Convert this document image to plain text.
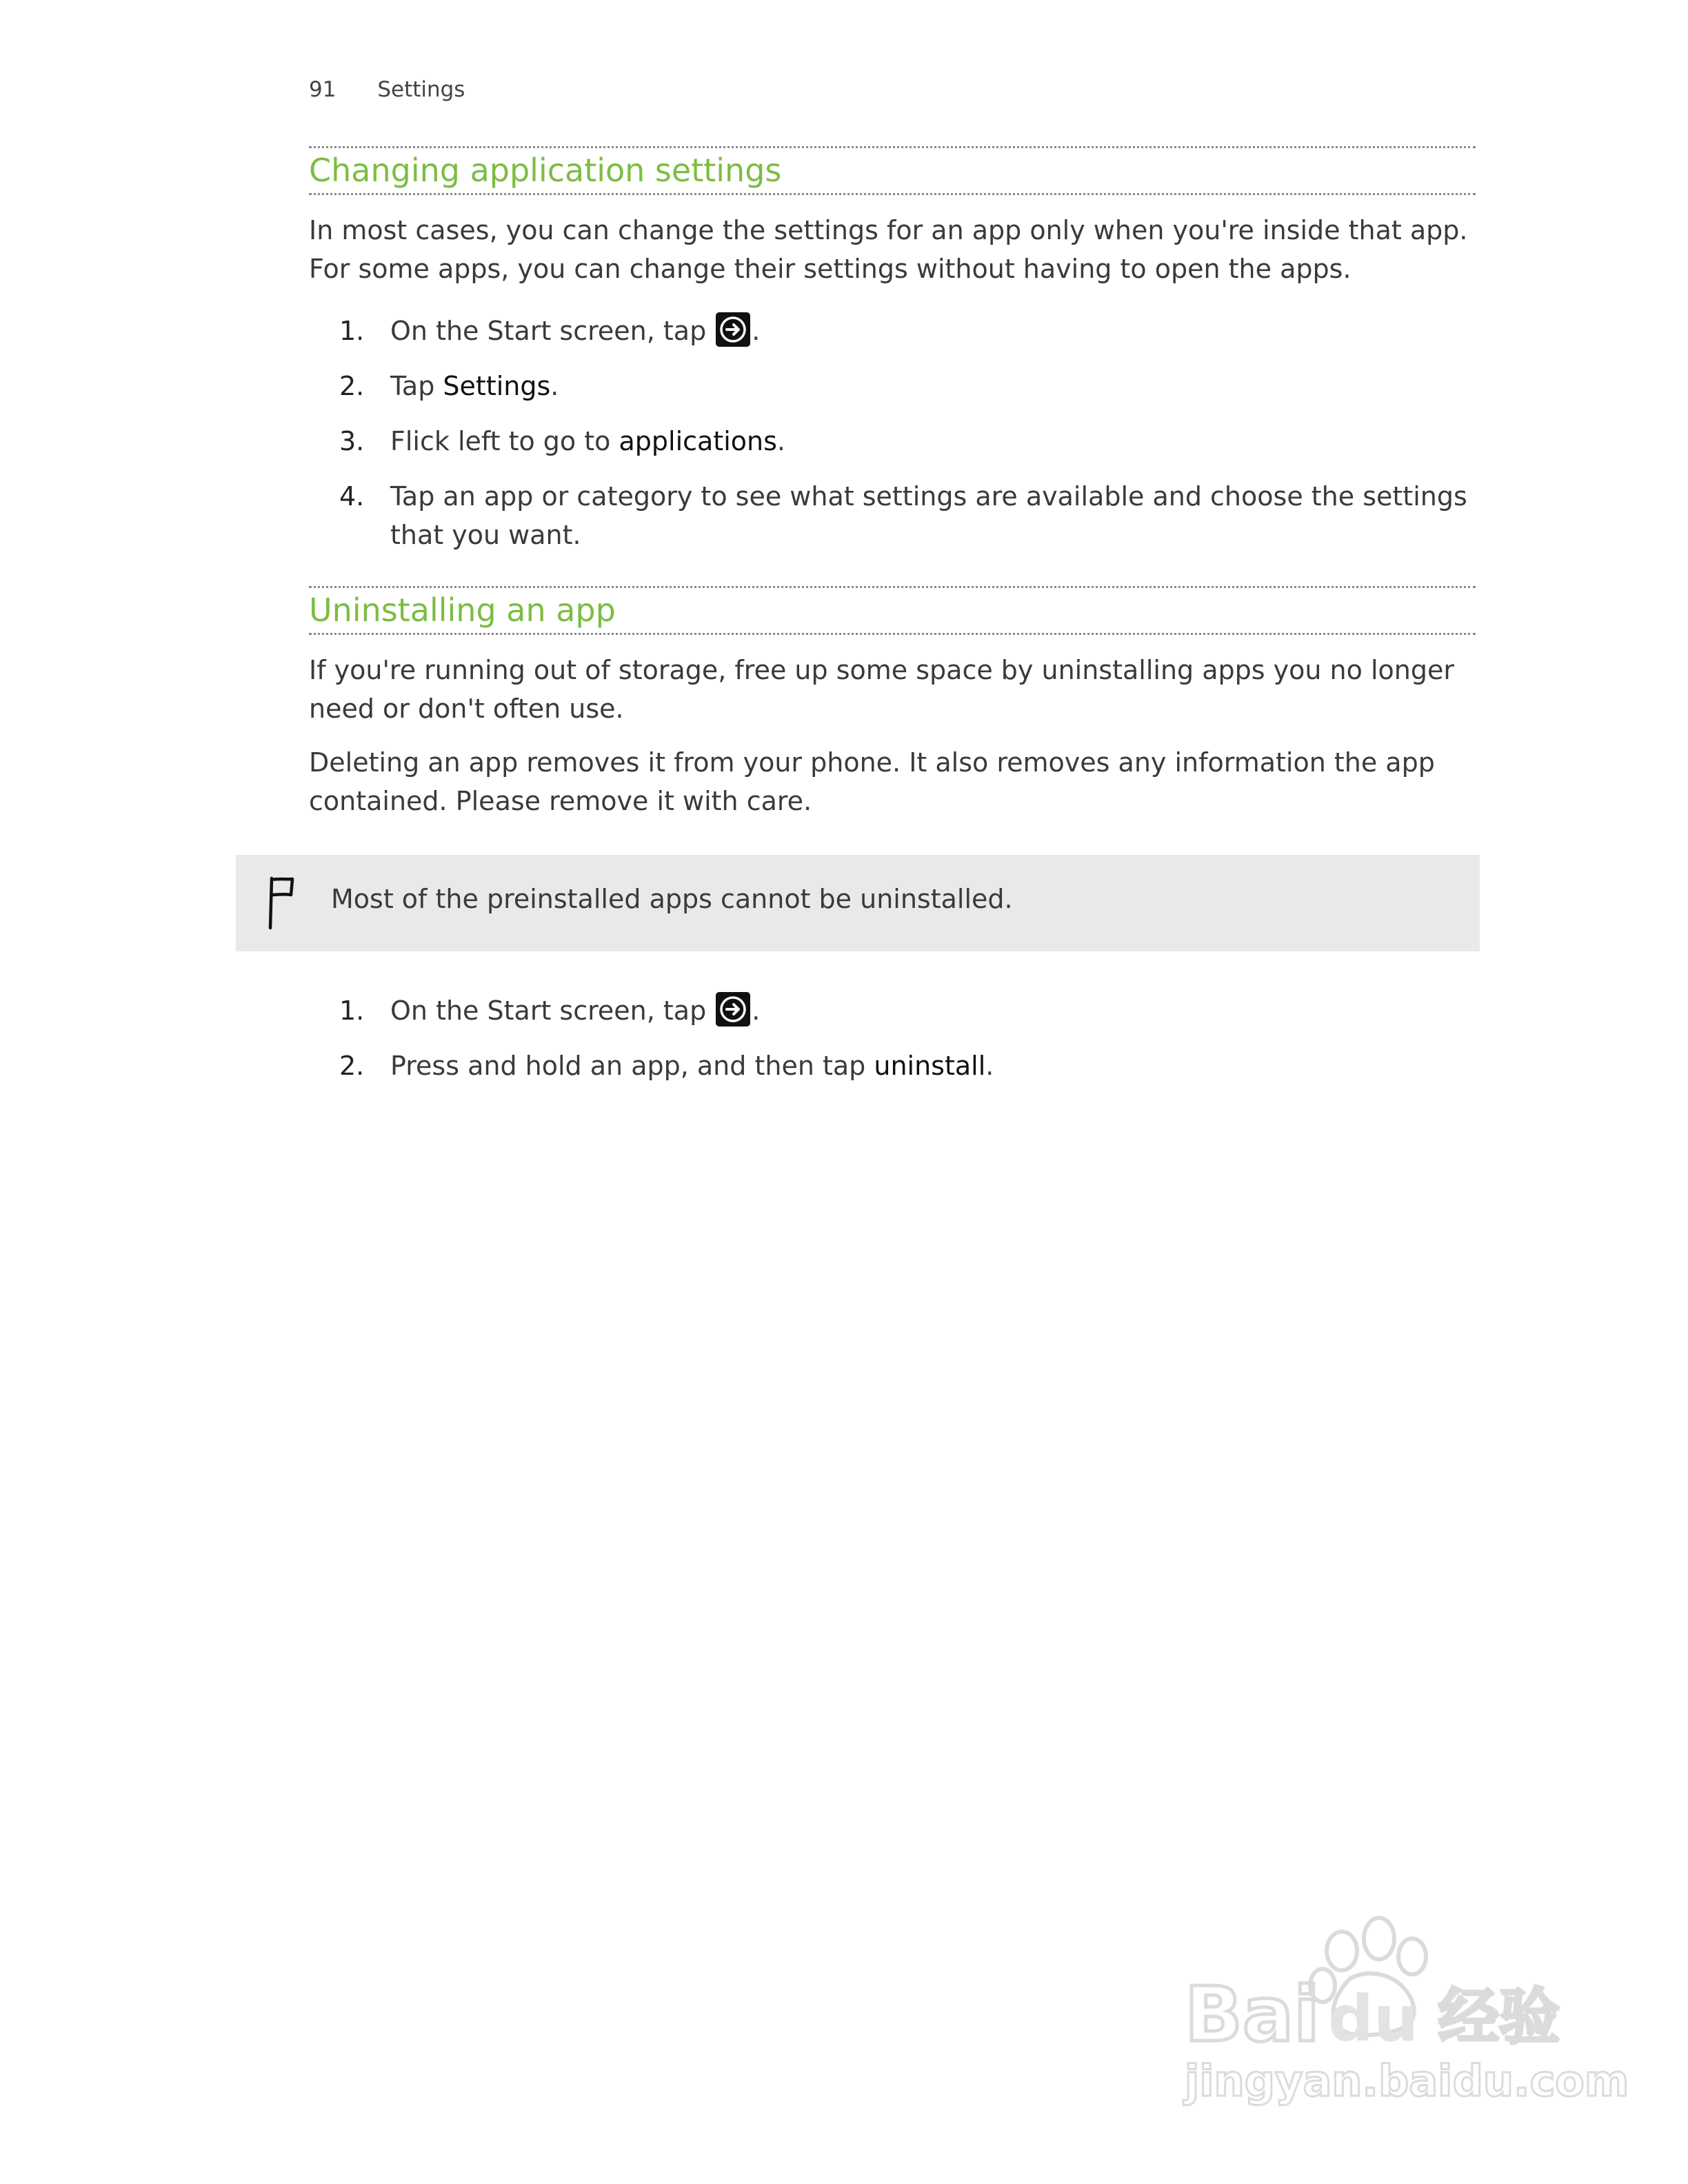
91 Settings
Changing application settings

In most cases, you can change the settings for an app only when you're inside that app. For some apps, you can change their settings without having to open the apps.

1. On the Start screen, tap
.
2. Tap Settings.
3. Flick left to go to applications.
4. Tap an app or category to see what settings are available and choose the settings that you want.
Uninstalling an app

If you're running out of storage, free up some space by uninstalling apps you no longer need or don't often use.

Deleting an app removes it from your phone. It also removes any information the app contained. Please remove it with care.

Most of the preinstalled apps cannot be uninstalled.
1. On the Start screen, tap
.
2. Press and hold an app, and then tap uninstall.
Bai du 经验
jingyan.baidu.com
